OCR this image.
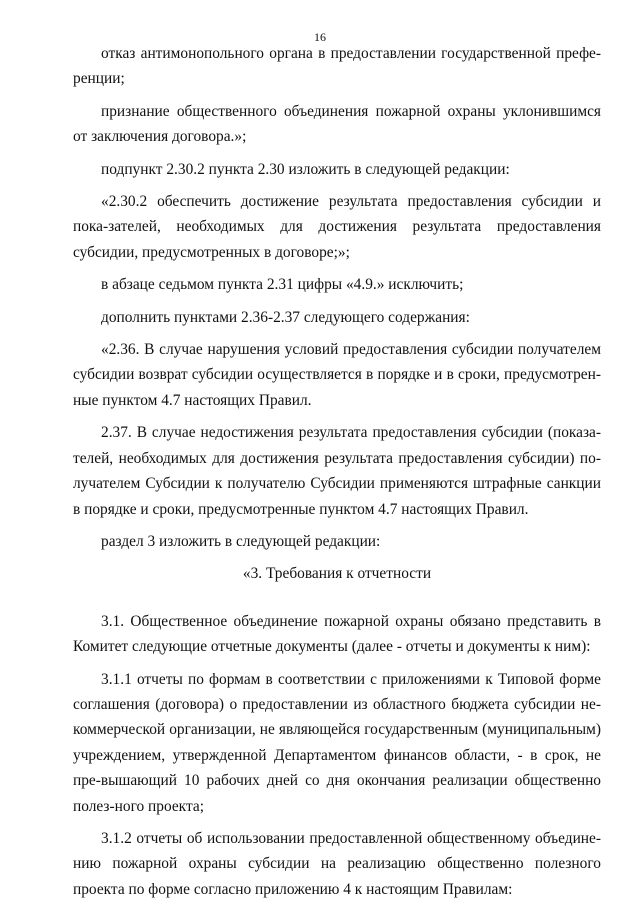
16

отказ антимонопольного органа в предоставлении государственной префе-ренции;

признание общественного объединения пожарной охраны уклонившимся от заключения договора.»;

подпункт 2.30.2 пункта 2.30 изложить в следующей редакции:

«2.30.2 обеспечить достижение результата предоставления субсидии и пока-зателей, необходимых для достижения результата предоставления субсидии, предусмотренных в договоре;»;

в абзаце седьмом пункта 2.31 цифры «4.9.» исключить;

дополнить пунктами 2.36-2.37 следующего содержания:

«2.36. В случае нарушения условий предоставления субсидии получателем субсидии возврат субсидии осуществляется в порядке и в сроки, предусмотрен-ные пунктом 4.7 настоящих Правил.

2.37. В случае недостижения результата предоставления субсидии (показа-телей, необходимых для достижения результата предоставления субсидии) по-лучателем Субсидии к получателю Субсидии применяются штрафные санкции в порядке и сроки, предусмотренные пунктом 4.7 настоящих Правил.

раздел 3 изложить в следующей редакции:

«3. Требования к отчетности

3.1. Общественное объединение пожарной охраны обязано представить в Комитет следующие отчетные документы (далее - отчеты и документы к ним):

3.1.1 отчеты по формам в соответствии с приложениями к Типовой форме соглашения (договора) о предоставлении из областного бюджета субсидии не-коммерческой организации, не являющейся государственным (муниципальным) учреждением, утвержденной Департаментом финансов области, - в срок, не пре-вышающий 10 рабочих дней со дня окончания реализации общественно полез-ного проекта;

3.1.2 отчеты об использовании предоставленной общественному объедине-нию пожарной охраны субсидии на реализацию общественно полезного проекта по форме согласно приложению 4 к настоящим Правилам:
